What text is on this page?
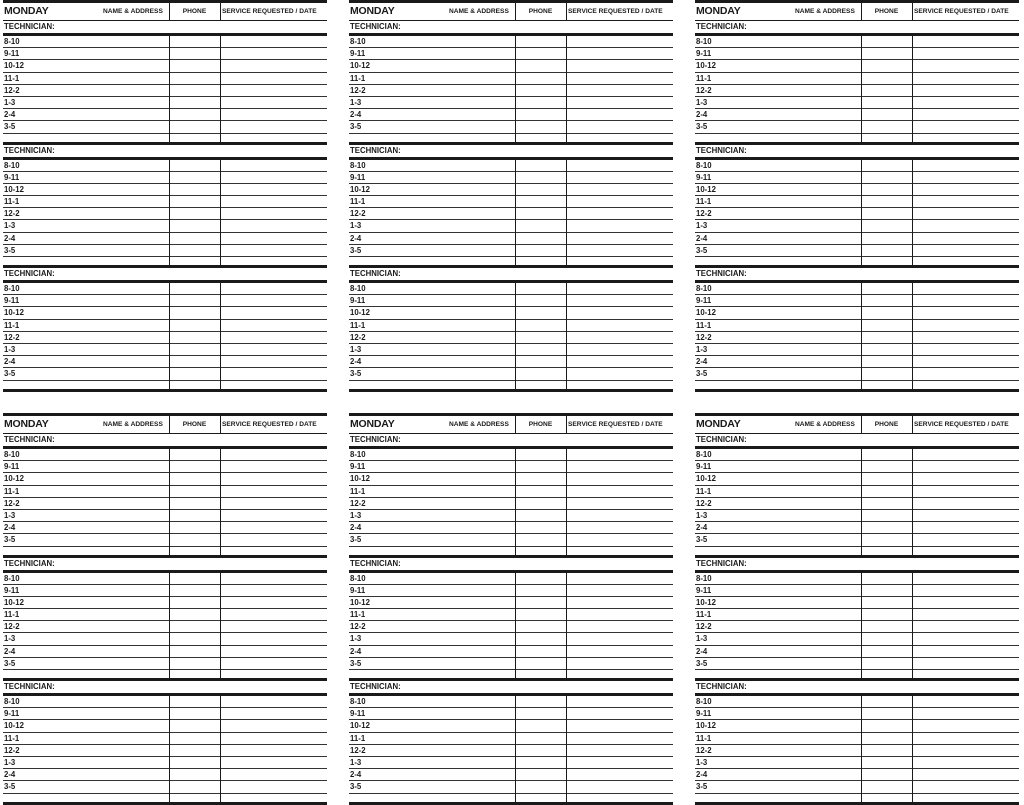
MONDAY	NAME & ADDRESS	PHONE	SERVICE REQUESTED / DATE
TECHNICIAN:
8-10
9-11
10-12
11-1
12-2
1-3
2-4
3-5
TECHNICIAN:
8-10
9-11
10-12
11-1
12-2
1-3
2-4
3-5
TECHNICIAN:
8-10
9-11
10-12
11-1
12-2
1-3
2-4
3-5
MONDAY	NAME & ADDRESS	PHONE	SERVICE REQUESTED / DATE
TECHNICIAN:
8-10
9-11
10-12
11-1
12-2
1-3
2-4
3-5
TECHNICIAN:
8-10
9-11
10-12
11-1
12-2
1-3
2-4
3-5
TECHNICIAN:
8-10
9-11
10-12
11-1
12-2
1-3
2-4
3-5
MONDAY	NAME & ADDRESS	PHONE	SERVICE REQUESTED / DATE
TECHNICIAN:
8-10
9-11
10-12
11-1
12-2
1-3
2-4
3-5
TECHNICIAN:
8-10
9-11
10-12
11-1
12-2
1-3
2-4
3-5
TECHNICIAN:
8-10
9-11
10-12
11-1
12-2
1-3
2-4
3-5
MONDAY	NAME & ADDRESS	PHONE	SERVICE REQUESTED / DATE
TECHNICIAN:
8-10
9-11
10-12
11-1
12-2
1-3
2-4
3-5
TECHNICIAN:
8-10
9-11
10-12
11-1
12-2
1-3
2-4
3-5
TECHNICIAN:
8-10
9-11
10-12
11-1
12-2
1-3
2-4
3-5
MONDAY	NAME & ADDRESS	PHONE	SERVICE REQUESTED / DATE
TECHNICIAN:
8-10
9-11
10-12
11-1
12-2
1-3
2-4
3-5
TECHNICIAN:
8-10
9-11
10-12
11-1
12-2
1-3
2-4
3-5
TECHNICIAN:
8-10
9-11
10-12
11-1
12-2
1-3
2-4
3-5
MONDAY	NAME & ADDRESS	PHONE	SERVICE REQUESTED / DATE
TECHNICIAN:
8-10
9-11
10-12
11-1
12-2
1-3
2-4
3-5
TECHNICIAN:
8-10
9-11
10-12
11-1
12-2
1-3
2-4
3-5
TECHNICIAN:
8-10
9-11
10-12
11-1
12-2
1-3
2-4
3-5
